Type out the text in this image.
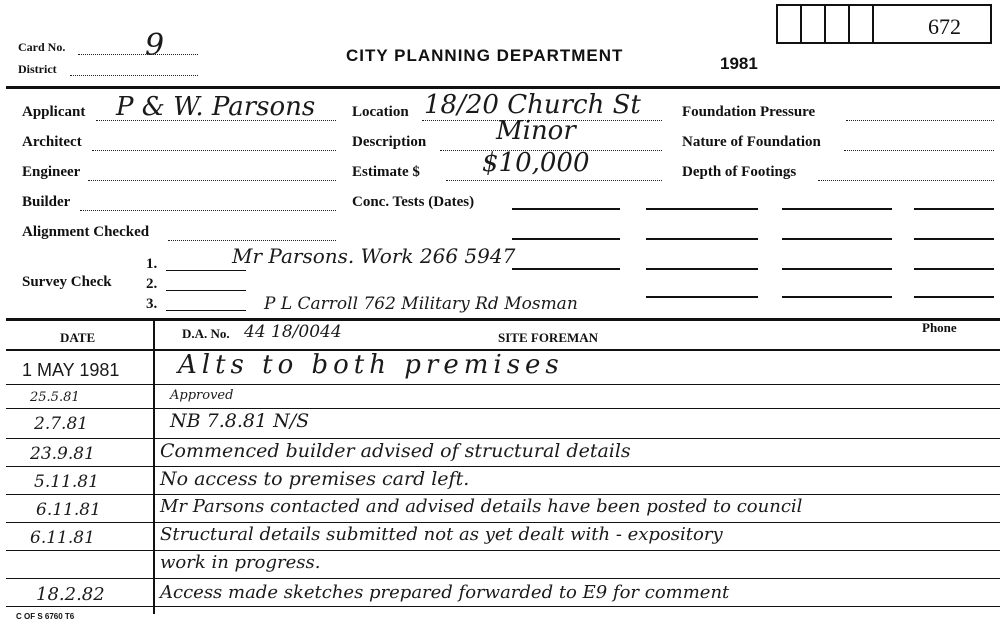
672
Card No.	9
District
CITY PLANNING DEPARTMENT	1981
Applicant P & W. Parsons
Architect
Engineer
Builder
Alignment Checked
1.
Survey Check 2.
3.
Mr Parsons. Work 266 5947
P L Carroll 762 Military Rd Mosman
Location 18/20 Church St
Description	Minor
Estimate $ $10,000
Conc. Tests (Dates)
Foundation Pressure
Nature of Foundation
Depth of Footings
DATE	D.A. No. 44 18/0044	SITE FOREMAN
Phone
1 MAY 1981 Alts to both premises
25.5.81	Approved
2.7.81	NB 7.8.81 N/S
23.9.81	Commenced builder advised of structural details
5.11.81	No access to premises card left.
6.11.81	Mr Parsons contacted and advised details have been posted to council
6.11.81	Structural details submitted not as yet dealt with - expository
work in progress.
18.2.82	Access made sketches prepared forwarded to E9 for comment
C OF S 6760 T6
